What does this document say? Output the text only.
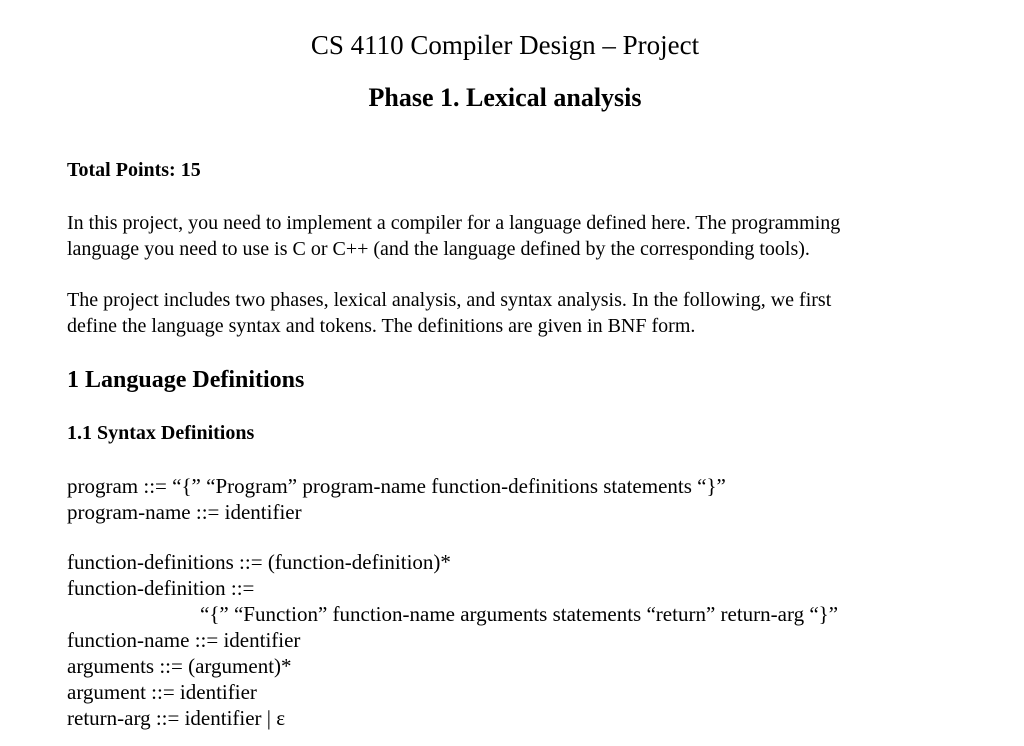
CS 4110 Compiler Design – Project
Phase 1. Lexical analysis
Total Points: 15
In this project, you need to implement a compiler for a language defined here. The programming
language you need to use is C or C++ (and the language defined by the corresponding tools).
The project includes two phases, lexical analysis, and syntax analysis. In the following, we first
define the language syntax and tokens. The definitions are given in BNF form.
1 Language Definitions
1.1 Syntax Definitions
program ::= “{” “Program” program-name function-definitions statements “}”
program-name ::= identifier
function-definitions ::= (function-definition)*
function-definition ::=
“{” “Function” function-name arguments statements “return” return-arg “}”
function-name ::= identifier
arguments ::= (argument)*
argument ::= identifier
return-arg ::= identifier | ε
